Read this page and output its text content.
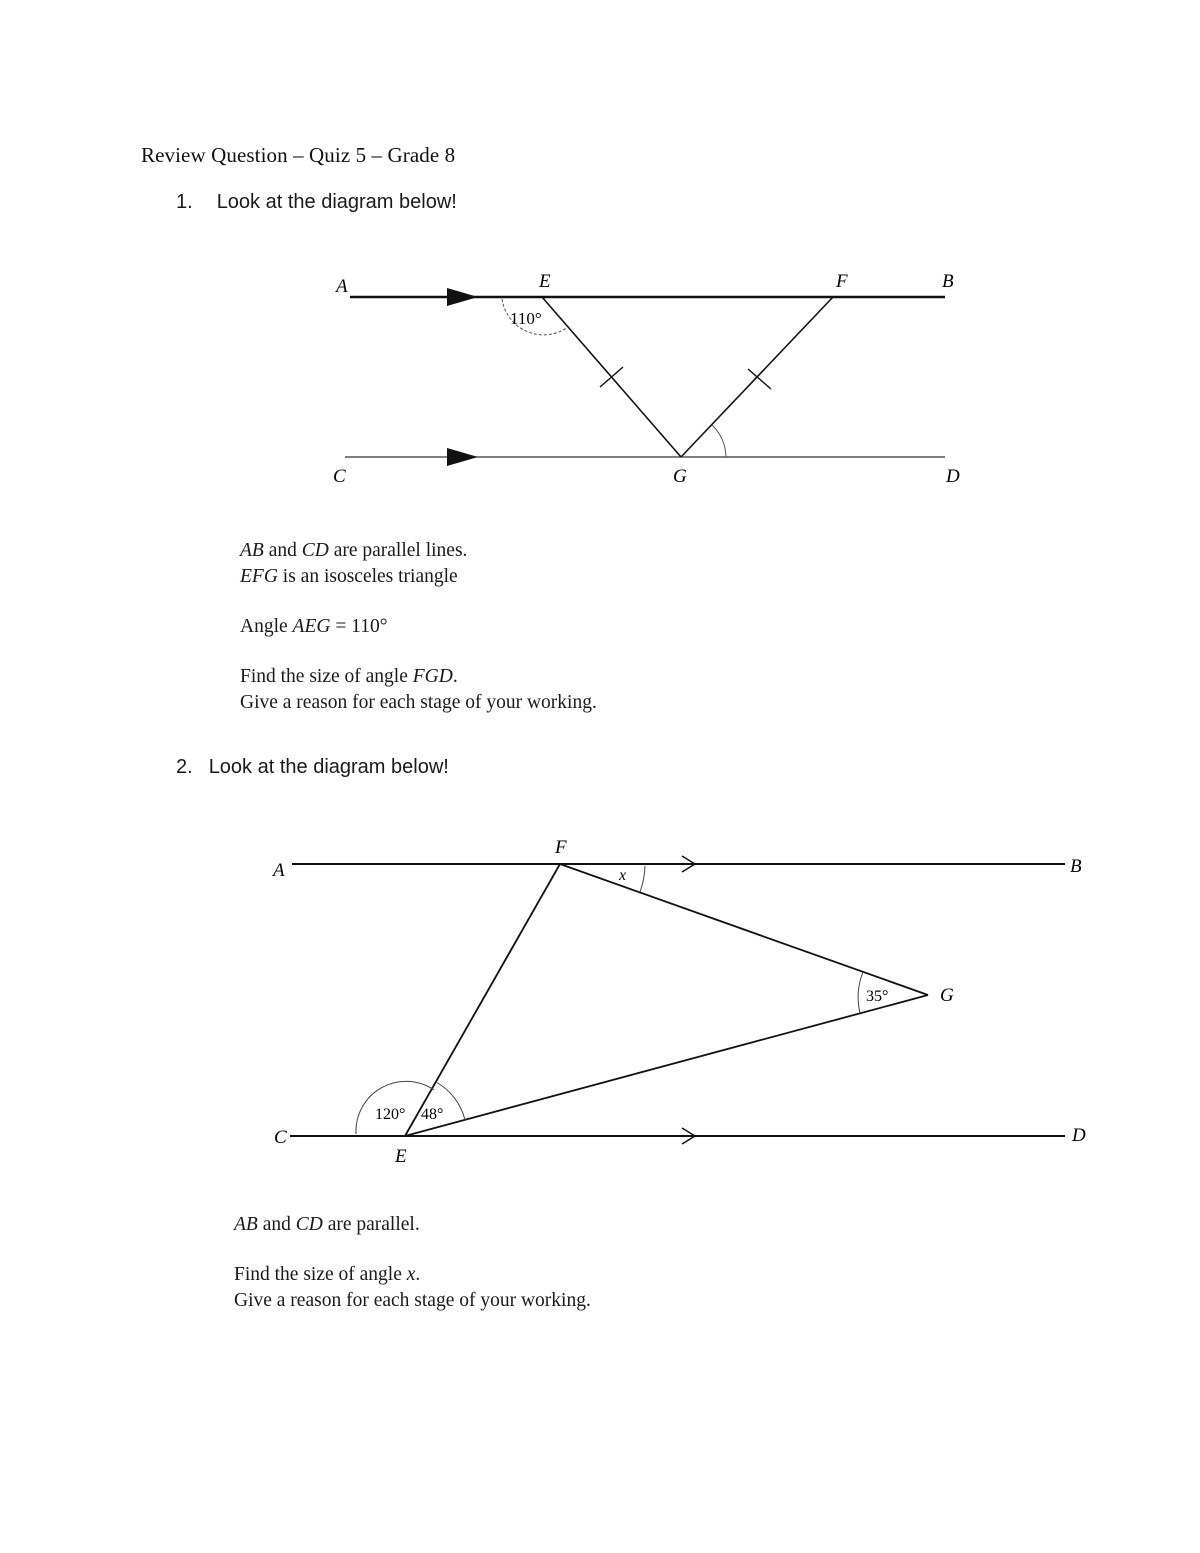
Review Question – Quiz 5 – Grade 8
1. Look at the diagram below!
A	E	F	B
C	G	D
110°
AB and CD are parallel lines.
EFG is an isosceles triangle
Angle AEG = 110°
Find the size of angle FGD.
Give a reason for each stage of your working.
2. Look at the diagram below!
A
F
B
G
C	D
E
x
35°
120° 48°
AB and CD are parallel.
Find the size of angle x.
Give a reason for each stage of your working.
